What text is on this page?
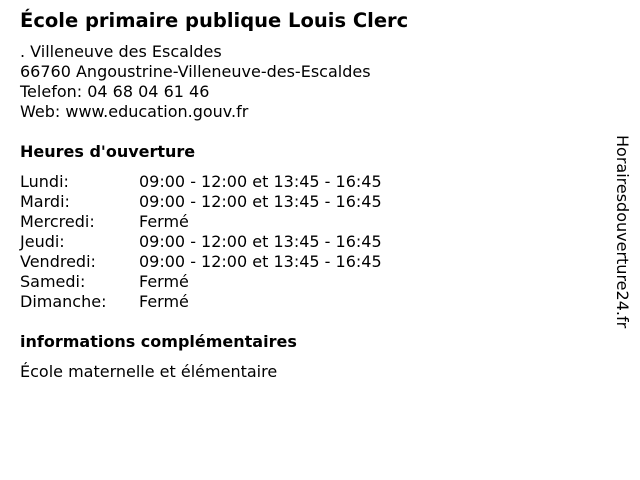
École primaire publique Louis Clerc
. Villeneuve des Escaldes
66760 Angoustrine-Villeneuve-des-Escaldes
Telefon: 04 68 04 61 46
Web: www.education.gouv.fr
Heures d'ouverture
Lundi:	09:00 - 12:00 et 13:45 - 16:45
Mardi:	09:00 - 12:00 et 13:45 - 16:45
Mercredi:	Fermé
Jeudi:	09:00 - 12:00 et 13:45 - 16:45
Vendredi:	09:00 - 12:00 et 13:45 - 16:45
Samedi:	Fermé
Dimanche:	Fermé
informations complémentaires
École maternelle et élémentaire
Horairesdouverture24.fr
